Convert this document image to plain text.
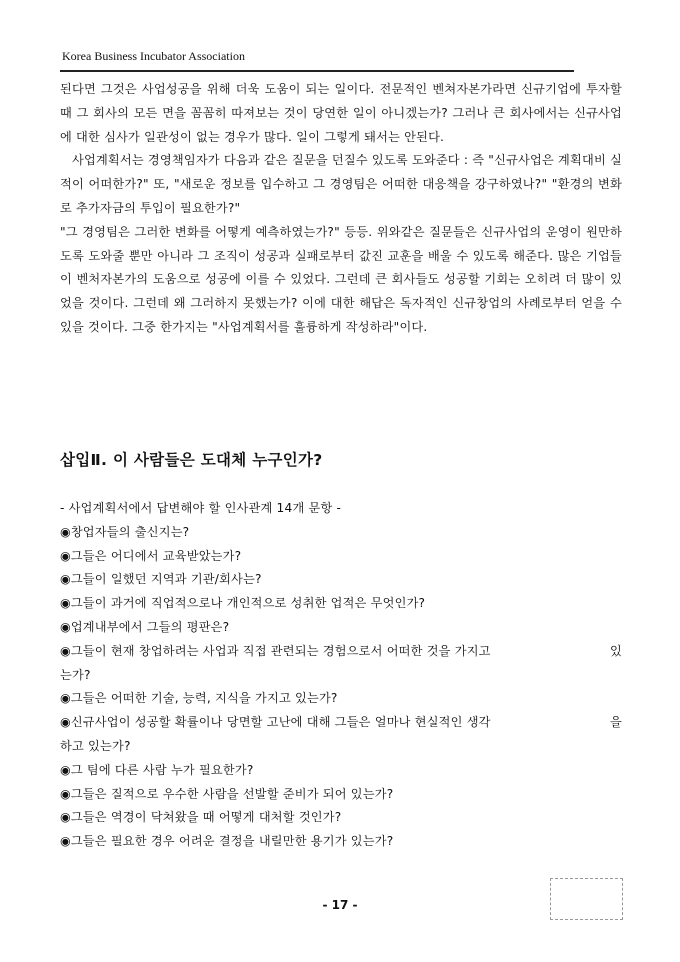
Korea Business Incubator Association

된다면 그것은 사업성공을 위해 더욱 도움이 되는 일이다. 전문적인 벤쳐자본가라면 신규기업에 투자할 때 그 회사의 모든 면을 꼼꼼히 따져보는 것이 당연한 일이 아니겠는가? 그러나 큰 회사에서는 신규사업에 대한 심사가 일관성이 없는 경우가 많다. 일이 그렇게 돼서는 안된다.

사업계획서는 경영책임자가 다음과 같은 질문을 던질수 있도록 도와준다 : 즉 "신규사업은 계획대비 실적이 어떠한가?" 또, "새로운 정보를 입수하고 그 경영팀은 어떠한 대응책을 강구하였나?" "환경의 변화로 추가자금의 투입이 필요한가?"

"그 경영팀은 그러한 변화를 어떻게 예측하였는가?" 등등. 위와같은 질문들은 신규사업의 운영이 원만하도록 도와줄 뿐만 아니라 그 조직이 성공과 실패로부터 값진 교훈을 배울 수 있도록 해준다. 많은 기업들이 벤처자본가의 도움으로 성공에 이를 수 있었다. 그런데 큰 회사들도 성공할 기회는 오히려 더 많이 있었을 것이다. 그런데 왜 그러하지 못했는가? 이에 대한 해답은 독자적인 신규창업의 사례로부터 얻을 수 있을 것이다. 그중 한가지는 "사업계획서를 훌륭하게 작성하라"이다.

삽입Ⅱ. 이 사람들은 도대체 누구인가?

- 사업계획서에서 답변해야 할 인사관계 14개 문항 -

◉창업자들의 출신지는?

◉그들은 어디에서 교육받았는가?

◉그들이 일했던 지역과 기관/회사는?

◉그들이 과거에 직업적으로나 개인적으로 성취한 업적은 무엇인가?

◉업계내부에서 그들의 평판은?

◉그들이 현재 창업하려는 사업과 직접 관련되는 경험으로서 어떠한 것을 가지고	있

는가?

◉그들은 어떠한 기술, 능력, 지식을 가지고 있는가?

◉신규사업이 성공할 확률이나 당면할 고난에 대해 그들은 얼마나 현실적인 생각	을

하고 있는가?

◉그 팀에 다른 사람 누가 필요한가?

◉그들은 질적으로 우수한 사람을 선발할 준비가 되어 있는가?

◉그들은 역경이 닥쳐왔을 때 어떻게 대처할 것인가?

◉그들은 필요한 경우 어려운 결정을 내릴만한 용기가 있는가?

- 17 -
